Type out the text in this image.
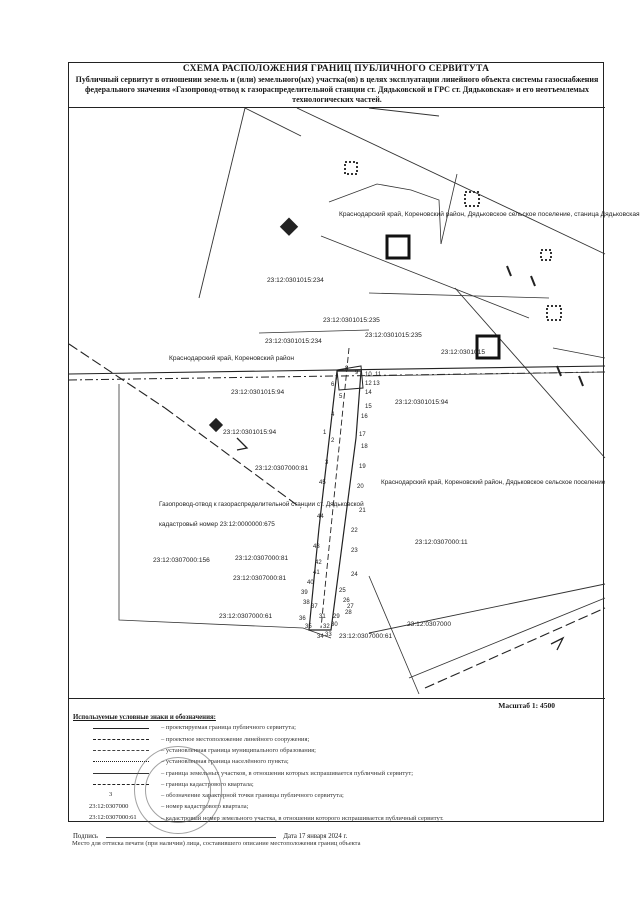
СХЕМА РАСПОЛОЖЕНИЯ ГРАНИЦ ПУБЛИЧНОГО СЕРВИТУТА
Публичный сервитут в отношении земель и (или) земельного(ых) участка(ов) в целях эксплуатации линейного объекта системы газоснабжения федерального значения «Газопровод-отвод к газораспределительной станции ст. Дядьковской и ГРС ст. Дядьковская» и его неотъемлемых технологических частей.
Краснодарский край, Кореновский район, Дядьковское сельское поселение, станица Дядьковская
Краснодарский край, Кореновский район
Краснодарский край, Кореновский район, Дядьковское сельское поселение
23:12:0301015:234
23:12:0301015:235
23:12:0301015:234
23:12:0301015:235
23:12:0301015
23:12:0301015:94
23:12:0301015:94
23:12:0301015:94
23:12:0307000:81
23:12:0307000:156	23:12:0307000:81
23:12:0307000:81
23:12:0307000:61
23:12:0307000:11
23:12:0307000
23:12:0307000:61
Газопровод-отвод к газораспределительной станции ст. Дядьковской
кадастровый номер 23:12:0000000:675
1
2
3
4
5
6
7
8
9 10 11
12 13
14
15
16
17
18
19
20
21
22
23
24
25
26
27
28
29
30
31
32
33
34
35
36
37
38
39
40
41
42
43
44
45
Масштаб 1: 4500
Используемые условные знаки и обозначения:
– проектируемая граница публичного сервитута;
– проектное местоположение линейного сооружения;
– установленная граница муниципального образования;
– установленная граница населённого пункта;
– граница земельных участков, в отношении которых испрашивается публичный сервитут;
– граница кадастрового квартала;
3	– обозначение характерной точки границы публичного сервитута;
23:12:0307000	– номер кадастрового квартала;
23:12:0307000:61	– кадастровый номер земельного участка, в отношении которого испрашивается публичный сервитут.
Подпись	Дата 17 января 2024 г.
Место для оттиска печати (при наличии) лица, составившего описание местоположения границ объекта
